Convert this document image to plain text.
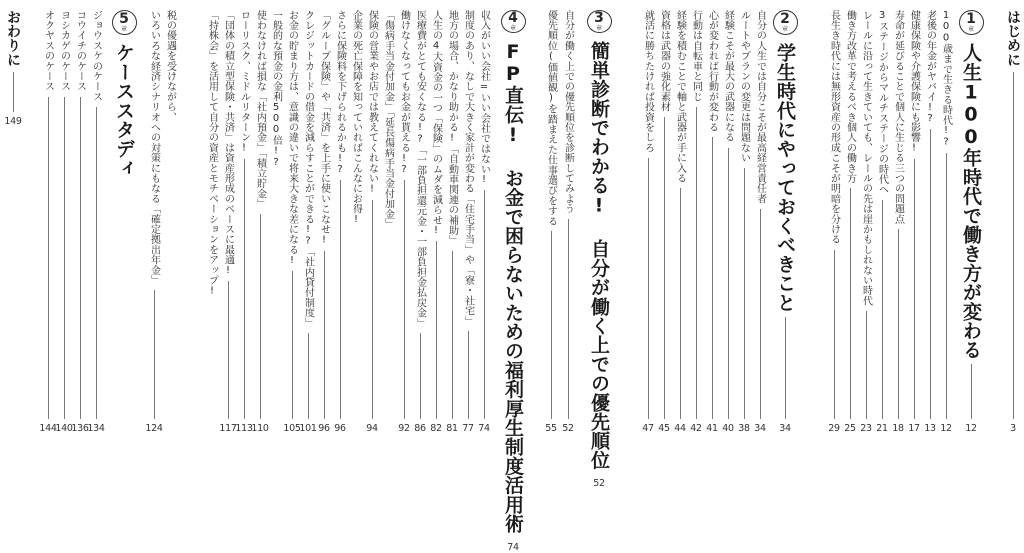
はじめに
3
1
章
人生100年時代で働き方が変わる
12
100歳まで生きる時代!?
12
老後の年金がヤバイ!?
13
健康保険や介護保険にも影響!
17
寿命が延びることで個人に生じる三つの問題点
18
3ステージからマルチステージの時代へ
21
レールに沿って生きていても、レールの先は崖かもしれない時代
23
働き方改革で考えるべき個人の働き方
25
長生き時代には無形資産の形成こそが明暗を分ける
29
2
章
学生時代にやっておくべきこと
34
自分の人生では自分こそが最高経営責任者
34
ルートやプランの変更は問題ない
38
経験こそが最大の武器になる
40
心が変われば行動が変わる
41
行動は自転車と同じ
42
経験を積むことで軸と武器が手に入る
44
資格は武器の強化素材
45
就活に勝ちたければ投資をしろ
47
3
章
簡単診断でわかる! 自分が働く上での優先順位
52
自分が働く上での優先順位を診断してみよう
52
優先順位(価値観)を踏まえた仕事選びをする
55
4
章
FP直伝! お金で困らないための福利厚生制度活用術
74
収入がいい会社=いい会社ではない!
74
制度のあり、なしで大きく家計が変わる「住宅手当」や「寮・社宅」
77
地方の場合、かなり助かる!「自動車関連の補助」
81
人生の4大資金の一つ「保険」のムダを減らせ!
82
医療費がとても安くなる!?「一部負担還元金・一部負担金払戻金」
86
働けなくなってもお金が貰える!?
92
「傷病手当金付加金」「延長傷病手当金付加金」
保険の営業やお店では教えてくれない!
94
企業の死亡保障を知っていればこんなにお得!
さらに保険料を下げられるかも!?
96
「グループ保険」や「共済」を上手に使いこなせ!
96
クレジットカードの借金を減らすことができる!?「社内貸付制度」
101
お金の貯まり方は、意識の違いで将来大きな差になる!
105
一般的な預金の金利500倍!?
使わなければ損な「社内預金」「積立貯金」
110
ローリスク、ミドルリターン!
113
「団体の積立型保険・共済」は資産形成のベースに最適!
117
「持株会」を活用して自分の資産とモチベーションをアップ!
税の優遇を受けながら、
いろいろな経済シナリオへの対策にもなる「確定拠出年金」
124
5
章
ケーススタディ
ジョウスケのケース
134
コウイチのケース
136
ヨシカゲのケース
140
オクヤスのケース
144
おわりに
149
